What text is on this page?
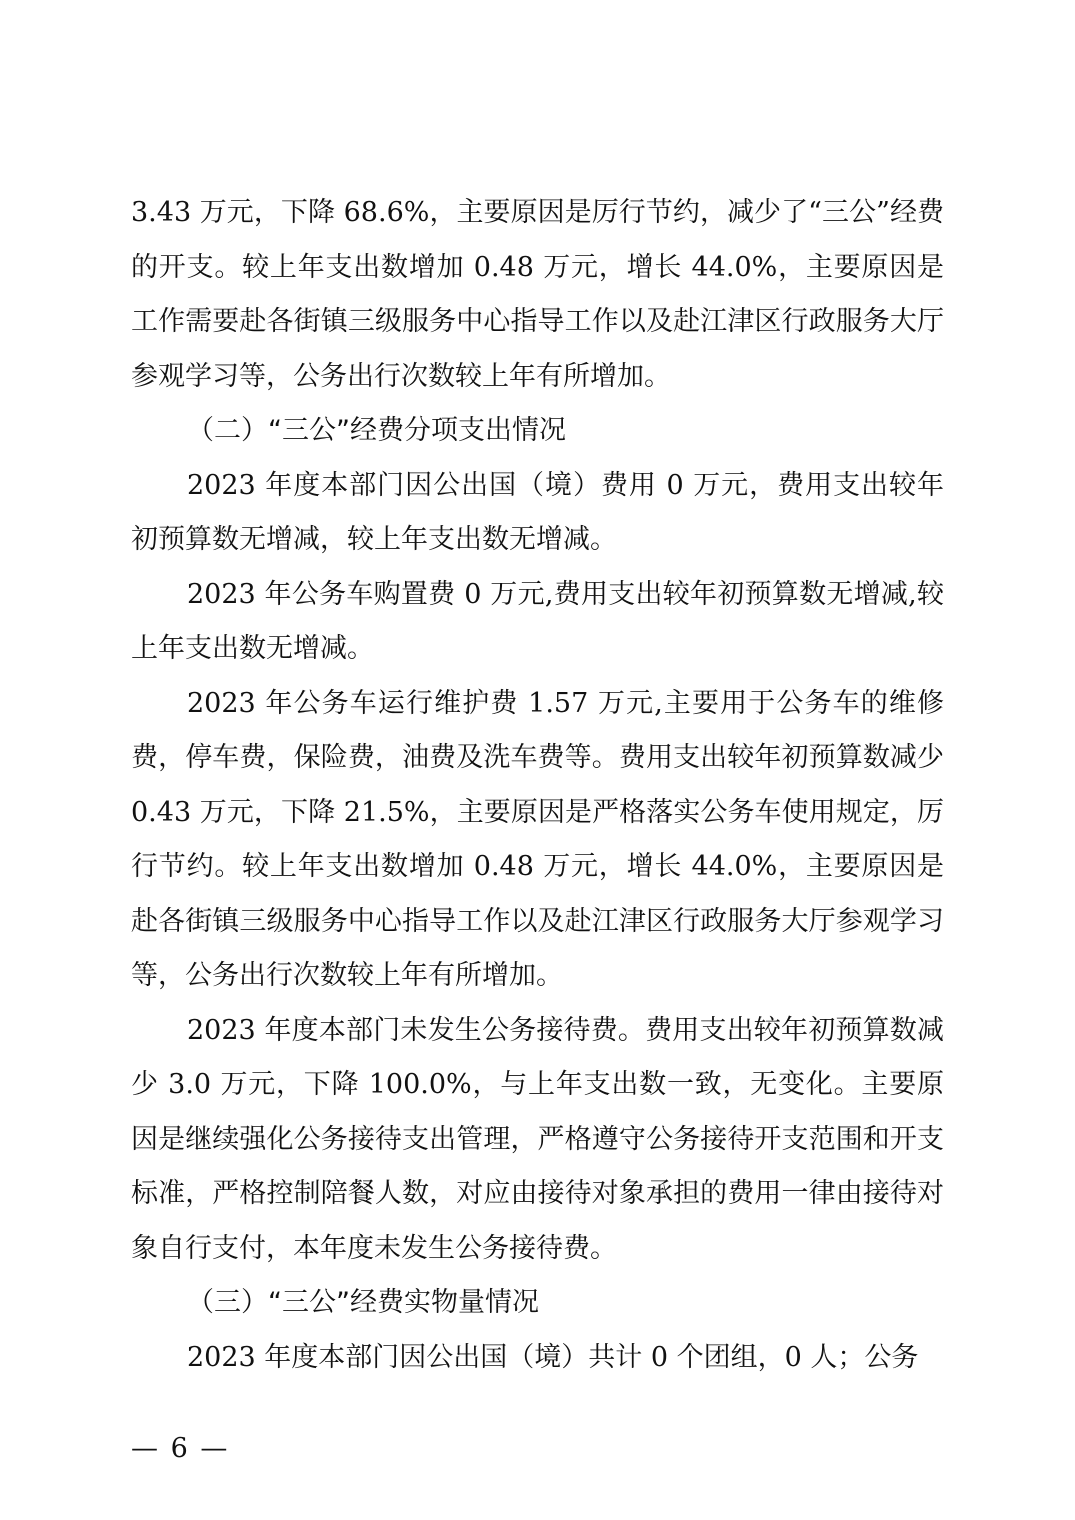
3.43 万元，下降 68.6%，主要原因是厉行节约，减少了“三公”经费的开支。较上年支出数增加 0.48 万元，增长 44.0%，主要原因是工作需要赴各街镇三级服务中心指导工作以及赴江津区行政服务大厅参观学习等，公务出行次数较上年有所增加。

（二）“三公”经费分项支出情况

2023 年度本部门因公出国（境）费用 0 万元，费用支出较年初预算数无增减，较上年支出数无增减。

2023 年公务车购置费 0 万元,费用支出较年初预算数无增减,较上年支出数无增减。

2023 年公务车运行维护费 1.57 万元,主要用于公务车的维修费，停车费，保险费，油费及洗车费等。费用支出较年初预算数减少 0.43 万元，下降 21.5%，主要原因是严格落实公务车使用规定，厉行节约。较上年支出数增加 0.48 万元，增长 44.0%，主要原因是赴各街镇三级服务中心指导工作以及赴江津区行政服务大厅参观学习等，公务出行次数较上年有所增加。

2023 年度本部门未发生公务接待费。费用支出较年初预算数减少 3.0 万元，下降 100.0%，与上年支出数一致，无变化。主要原因是继续强化公务接待支出管理，严格遵守公务接待开支范围和开支标准，严格控制陪餐人数，对应由接待对象承担的费用一律由接待对象自行支付，本年度未发生公务接待费。

（三）“三公”经费实物量情况

2023 年度本部门因公出国（境）共计 0 个团组，0 人；公务

— 6 —
